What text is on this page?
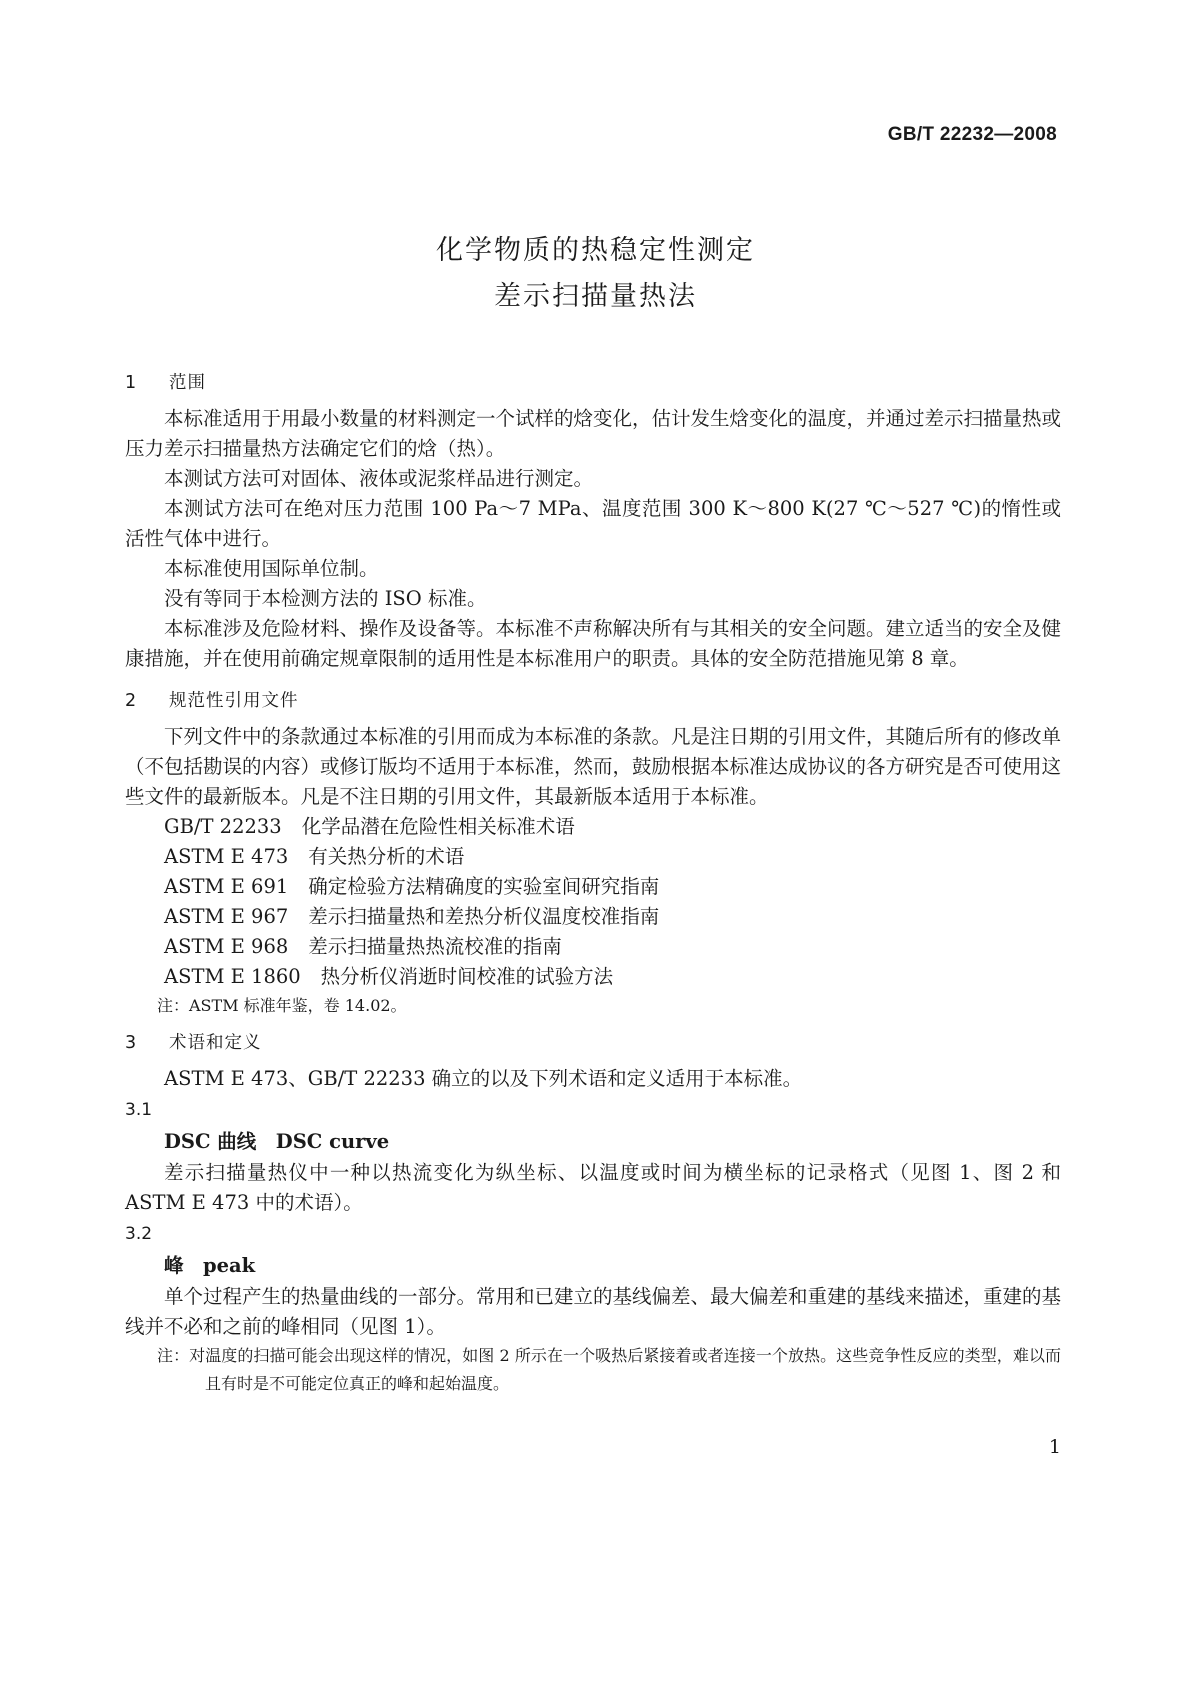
GB/T 22232—2008
化学物质的热稳定性测定
差示扫描量热法
1 范围

本标准适用于用最小数量的材料测定一个试样的焓变化，估计发生焓变化的温度，并通过差示扫描量热或压力差示扫描量热方法确定它们的焓（热）。

本测试方法可对固体、液体或泥浆样品进行测定。

本测试方法可在绝对压力范围 100 Pa～7 MPa、温度范围 300 K～800 K(27 ℃～527 ℃)的惰性或活性气体中进行。

本标准使用国际单位制。

没有等同于本检测方法的 ISO 标准。

本标准涉及危险材料、操作及设备等。本标准不声称解决所有与其相关的安全问题。建立适当的安全及健康措施，并在使用前确定规章限制的适用性是本标准用户的职责。具体的安全防范措施见第 8 章。

2 规范性引用文件

下列文件中的条款通过本标准的引用而成为本标准的条款。凡是注日期的引用文件，其随后所有的修改单（不包括勘误的内容）或修订版均不适用于本标准，然而，鼓励根据本标准达成协议的各方研究是否可使用这些文件的最新版本。凡是不注日期的引用文件，其最新版本适用于本标准。

GB/T 22233 化学品潜在危险性相关标准术语
ASTM E 473 有关热分析的术语
ASTM E 691 确定检验方法精确度的实验室间研究指南
ASTM E 967 差示扫描量热和差热分析仪温度校准指南
ASTM E 968 差示扫描量热热流校准的指南
ASTM E 1860 热分析仪消逝时间校准的试验方法
注：ASTM 标准年鉴，卷 14.02。
3 术语和定义

ASTM E 473、GB/T 22233 确立的以及下列术语和定义适用于本标准。

3.1
DSC 曲线　DSC curve

差示扫描量热仪中一种以热流变化为纵坐标、以温度或时间为横坐标的记录格式（见图 1、图 2 和 ASTM E 473 中的术语）。

3.2
峰　peak

单个过程产生的热量曲线的一部分。常用和已建立的基线偏差、最大偏差和重建的基线来描述，重建的基线并不必和之前的峰相同（见图 1）。

注：对温度的扫描可能会出现这样的情况，如图 2 所示在一个吸热后紧接着或者连接一个放热。这些竞争性反应的类型，难以而且有时是不可能定位真正的峰和起始温度。
1
